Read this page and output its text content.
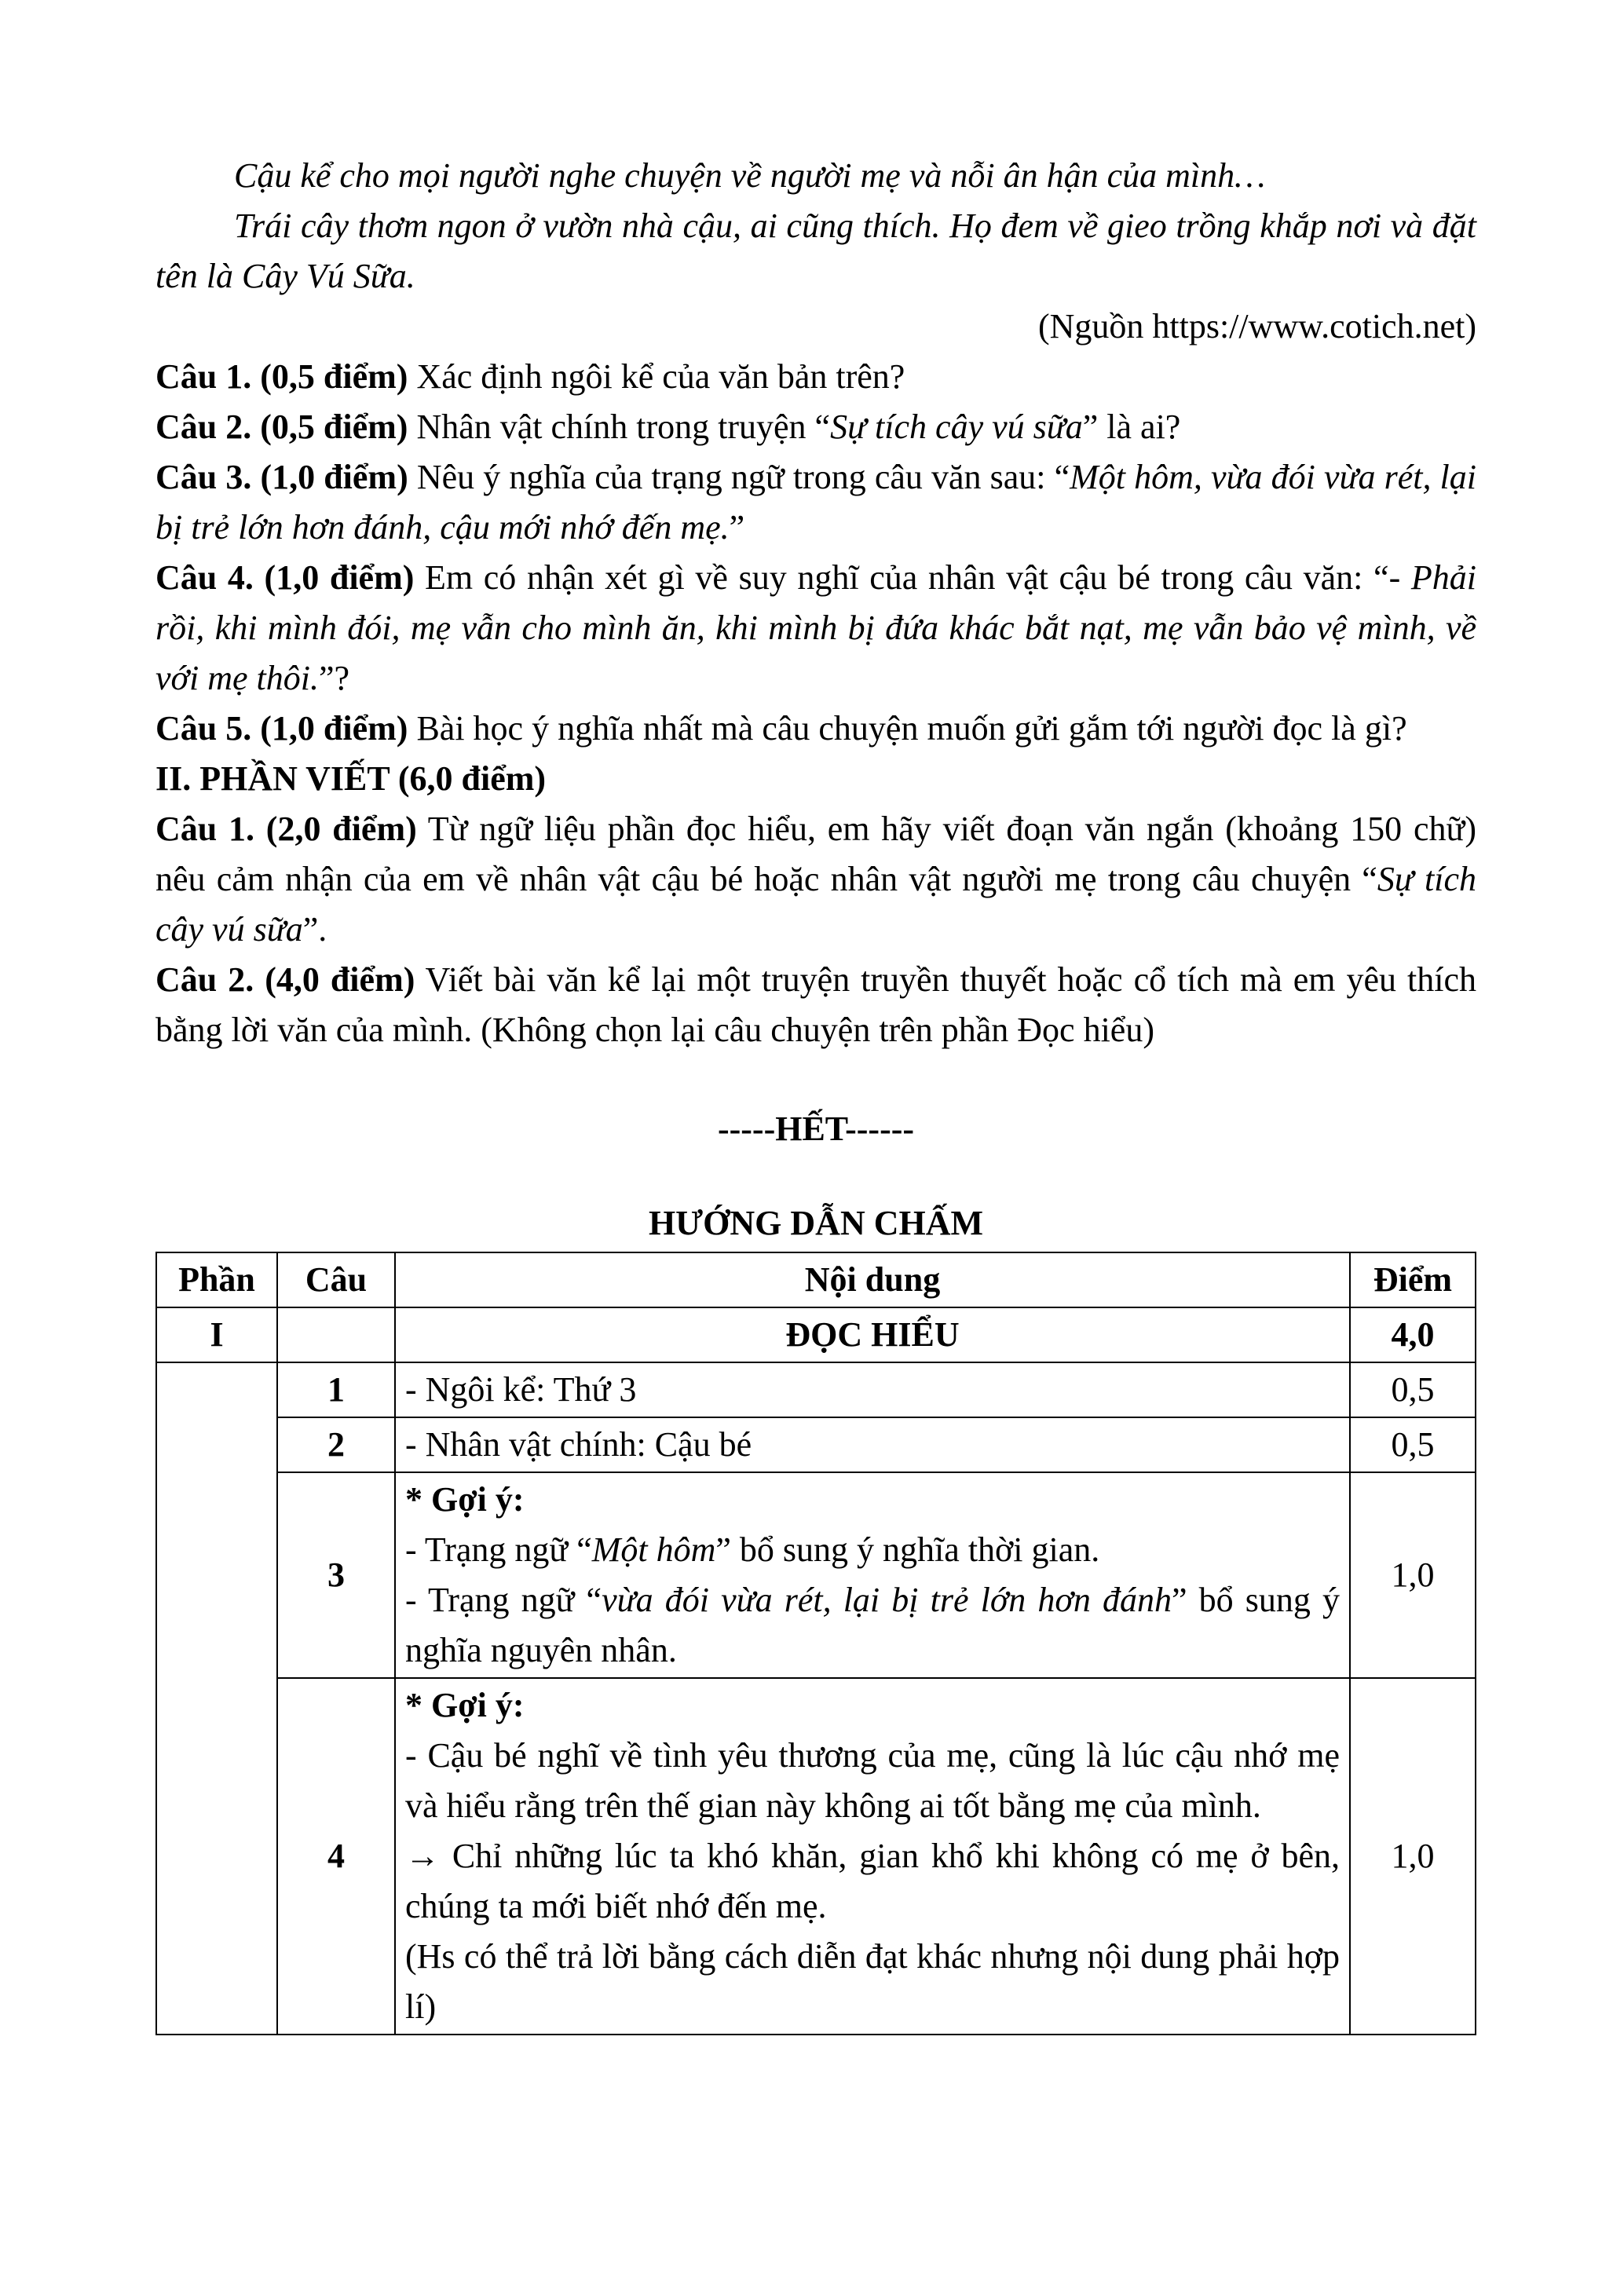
Cậu kể cho mọi người nghe chuyện về người mẹ và nỗi ân hận của mình…

Trái cây thơm ngon ở vườn nhà cậu, ai cũng thích. Họ đem về gieo trồng khắp nơi và đặt tên là Cây Vú Sữa.

(Nguồn https://www.cotich.net)

Câu 1. (0,5 điểm) Xác định ngôi kể của văn bản trên?

Câu 2. (0,5 điểm) Nhân vật chính trong truyện “Sự tích cây vú sữa” là ai?

Câu 3. (1,0 điểm) Nêu ý nghĩa của trạng ngữ trong câu văn sau: “Một hôm, vừa đói vừa rét, lại bị trẻ lớn hơn đánh, cậu mới nhớ đến mẹ.”

Câu 4. (1,0 điểm) Em có nhận xét gì về suy nghĩ của nhân vật cậu bé trong câu văn: “- Phải rồi, khi mình đói, mẹ vẫn cho mình ăn, khi mình bị đứa khác bắt nạt, mẹ vẫn bảo vệ mình, về với mẹ thôi.”?

Câu 5. (1,0 điểm) Bài học ý nghĩa nhất mà câu chuyện muốn gửi gắm tới người đọc là gì?

II. PHẦN VIẾT (6,0 điểm)

Câu 1. (2,0 điểm) Từ ngữ liệu phần đọc hiểu, em hãy viết đoạn văn ngắn (khoảng 150 chữ) nêu cảm nhận của em về nhân vật cậu bé hoặc nhân vật người mẹ trong câu chuyện “Sự tích cây vú sữa”.

Câu 2. (4,0 điểm) Viết bài văn kể lại một truyện truyền thuyết hoặc cổ tích mà em yêu thích bằng lời văn của mình. (Không chọn lại câu chuyện trên phần Đọc hiểu)

-----HẾT------

HƯỚNG DẪN CHẤM

Phần	Câu	Nội dung	Điểm
I		ĐỌC HIỂU	4,0
	1	- Ngôi kể: Thứ 3	0,5
	2	- Nhân vật chính: Cậu bé	0,5
	3	* Gợi ý:
- Trạng ngữ “Một hôm” bổ sung ý nghĩa thời gian.
- Trạng ngữ “vừa đói vừa rét, lại bị trẻ lớn hơn đánh” bổ sung ý nghĩa nguyên nhân.	1,0
	4	* Gợi ý:
- Cậu bé nghĩ về tình yêu thương của mẹ, cũng là lúc cậu nhớ mẹ và hiểu rằng trên thế gian này không ai tốt bằng mẹ của mình.
→ Chỉ những lúc ta khó khăn, gian khổ khi không có mẹ ở bên, chúng ta mới biết nhớ đến mẹ.
(Hs có thể trả lời bằng cách diễn đạt khác nhưng nội dung phải hợp lí)	1,0
